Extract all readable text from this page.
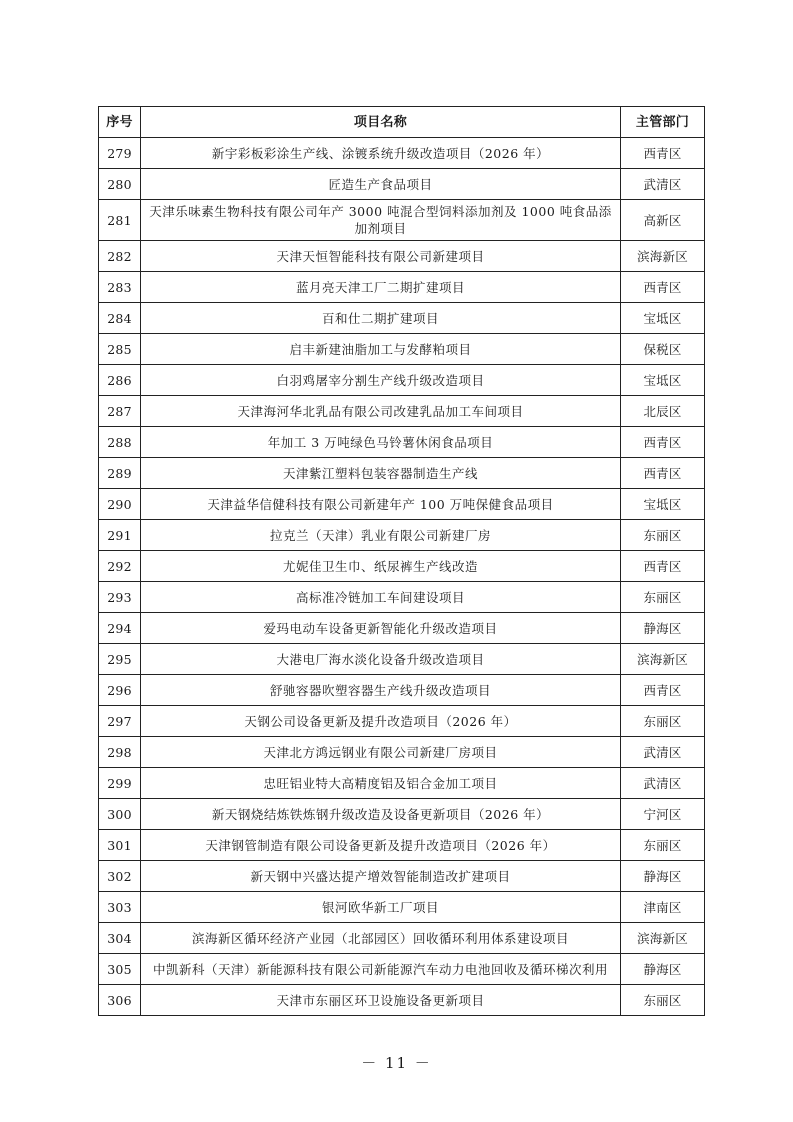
序号	项目名称	主管部门
279	新宇彩板彩涂生产线、涂镀系统升级改造项目（2026 年）	西青区
280	匠造生产食品项目	武清区
281	天津乐味素生物科技有限公司年产 3000 吨混合型饲料添加剂及 1000 吨食品添加剂项目	高新区
282	天津天恒智能科技有限公司新建项目	滨海新区
283	蓝月亮天津工厂二期扩建项目	西青区
284	百和仕二期扩建项目	宝坻区
285	启丰新建油脂加工与发酵粕项目	保税区
286	白羽鸡屠宰分割生产线升级改造项目	宝坻区
287	天津海河华北乳品有限公司改建乳品加工车间项目	北辰区
288	年加工 3 万吨绿色马铃薯休闲食品项目	西青区
289	天津紫江塑料包装容器制造生产线	西青区
290	天津益华信健科技有限公司新建年产 100 万吨保健食品项目	宝坻区
291	拉克兰（天津）乳业有限公司新建厂房	东丽区
292	尤妮佳卫生巾、纸尿裤生产线改造	西青区
293	高标准冷链加工车间建设项目	东丽区
294	爱玛电动车设备更新智能化升级改造项目	静海区
295	大港电厂海水淡化设备升级改造项目	滨海新区
296	舒驰容器吹塑容器生产线升级改造项目	西青区
297	天钢公司设备更新及提升改造项目（2026 年）	东丽区
298	天津北方鸿远钢业有限公司新建厂房项目	武清区
299	忠旺铝业特大高精度铝及铝合金加工项目	武清区
300	新天钢烧结炼铁炼钢升级改造及设备更新项目（2026 年）	宁河区
301	天津钢管制造有限公司设备更新及提升改造项目（2026 年）	东丽区
302	新天钢中兴盛达提产增效智能制造改扩建项目	静海区
303	银河欧华新工厂项目	津南区
304	滨海新区循环经济产业园（北部园区）回收循环利用体系建设项目	滨海新区
305	中凯新科（天津）新能源科技有限公司新能源汽车动力电池回收及循环梯次利用	静海区
306	天津市东丽区环卫设施设备更新项目	东丽区
－ 11 －
